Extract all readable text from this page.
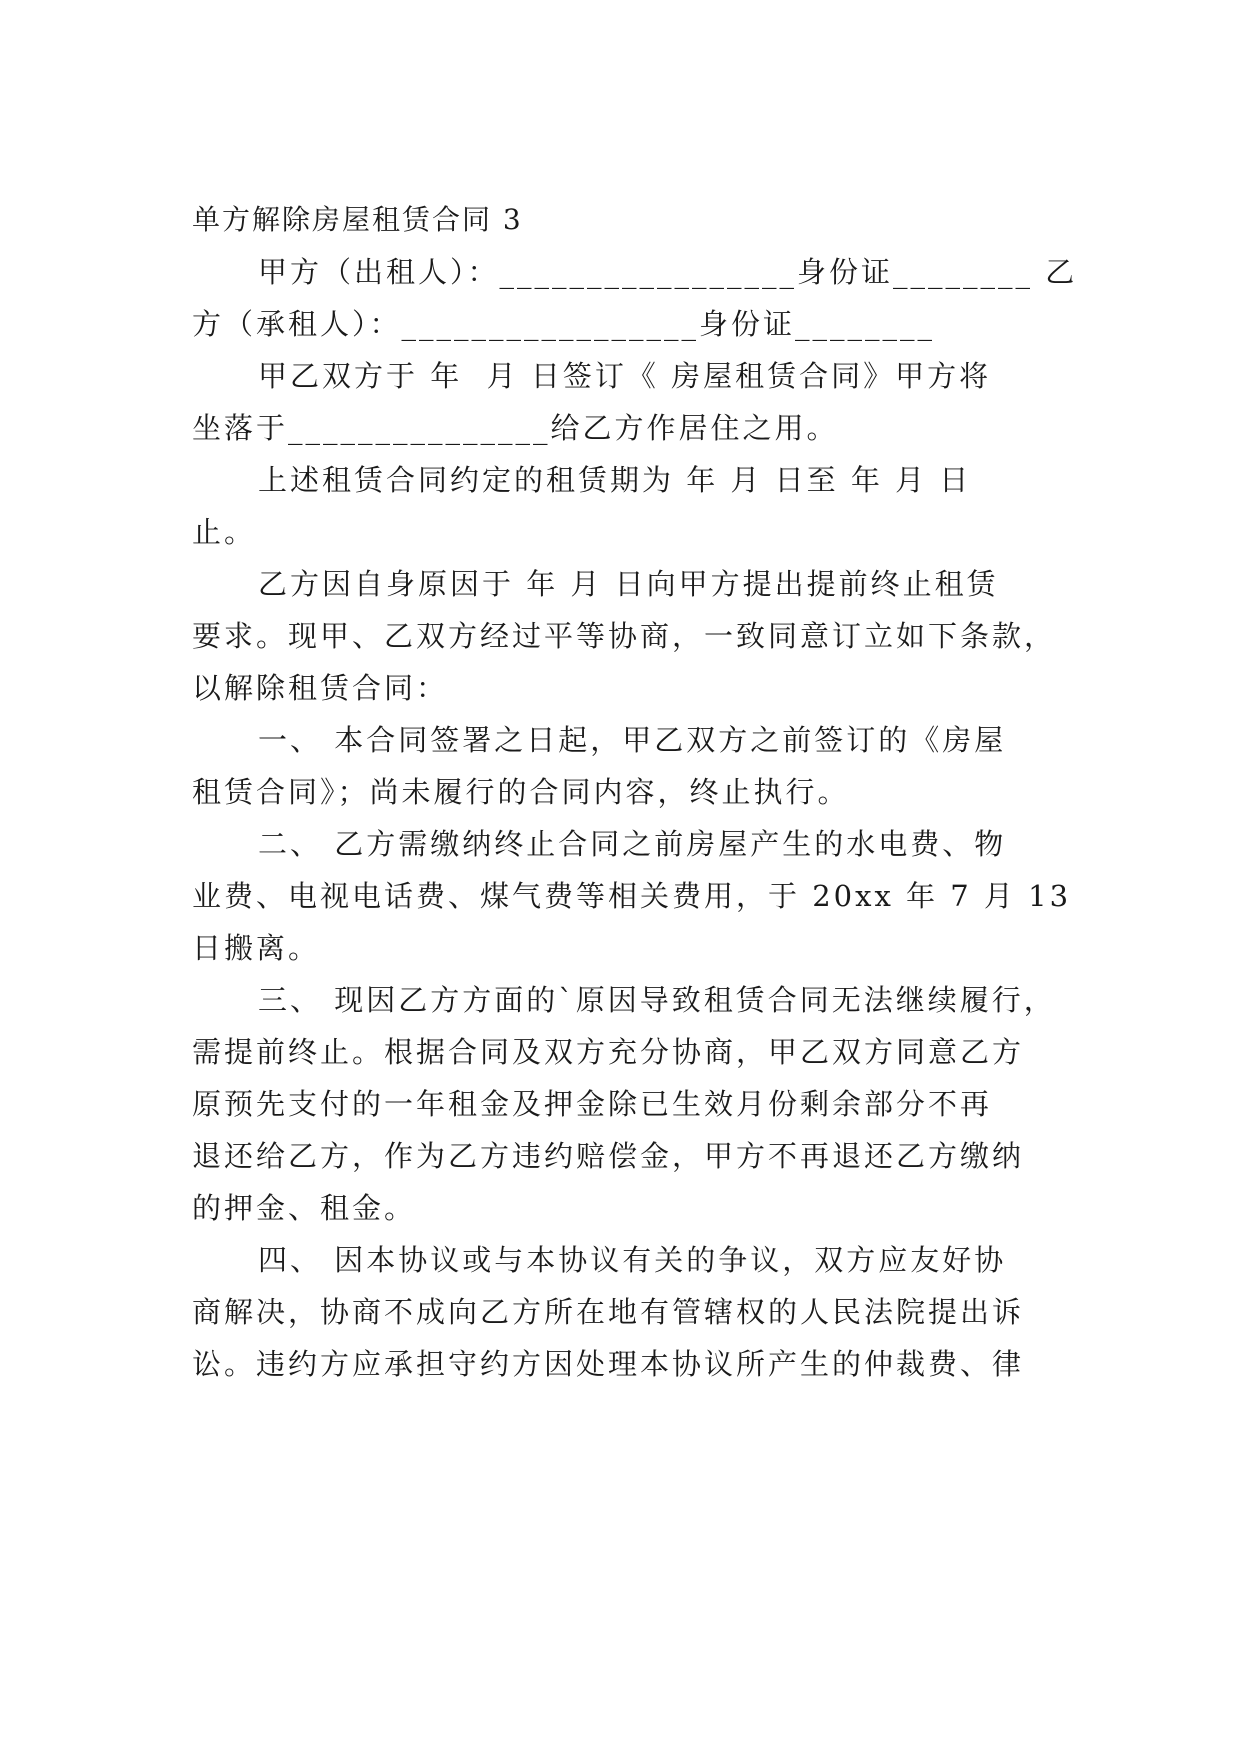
单方解除房屋租赁合同 3
甲方（出租人）：_________________身份证________ 乙
方（承租人）：_________________身份证________
甲乙双方于 年  月 日签订《 房屋租赁合同》甲方将
坐落于_______________给乙方作居住之用。
上述租赁合同约定的租赁期为 年 月 日至 年 月 日
止。
乙方因自身原因于 年 月 日向甲方提出提前终止租赁
要求。现甲、乙双方经过平等协商，一致同意订立如下条款，
以解除租赁合同：
一、 本合同签署之日起，甲乙双方之前签订的《房屋
租赁合同》；尚未履行的合同内容，终止执行。
二、 乙方需缴纳终止合同之前房屋产生的水电费、物
业费、电视电话费、煤气费等相关费用，于 20xx 年 7 月 13
日搬离。
三、 现因乙方方面的`原因导致租赁合同无法继续履行，
需提前终止。根据合同及双方充分协商，甲乙双方同意乙方
原预先支付的一年租金及押金除已生效月份剩余部分不再
退还给乙方，作为乙方违约赔偿金，甲方不再退还乙方缴纳
的押金、租金。
四、 因本协议或与本协议有关的争议，双方应友好协
商解决，协商不成向乙方所在地有管辖权的人民法院提出诉
讼。违约方应承担守约方因处理本协议所产生的仲裁费、律
